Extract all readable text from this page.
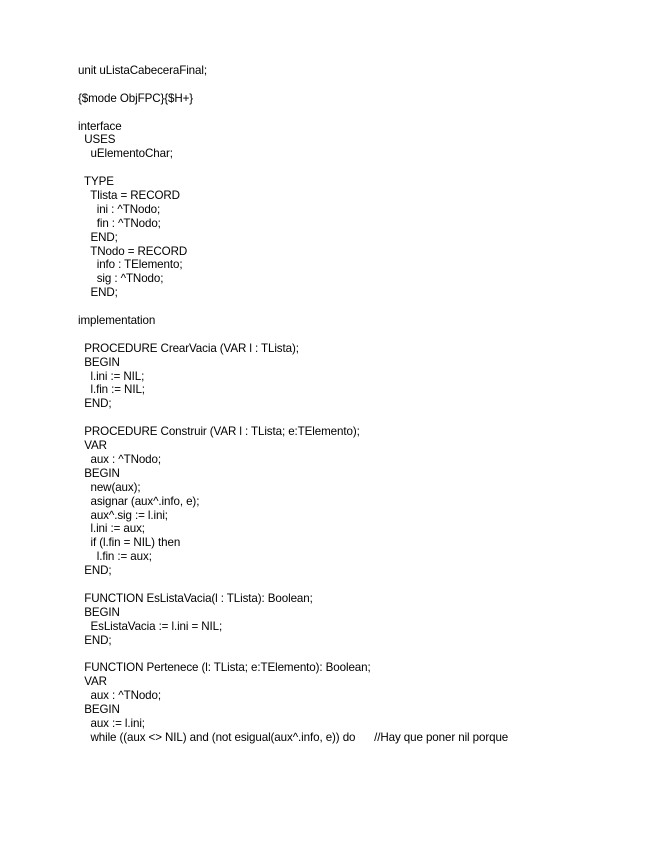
unit uListaCabeceraFinal;

{$mode ObjFPC}{$H+}

interface
USES
uElementoChar;

TYPE
Tlista = RECORD
ini : ^TNodo;
fin : ^TNodo;
END;
TNodo = RECORD
info : TElemento;
sig : ^TNodo;
END;

implementation

PROCEDURE CrearVacia (VAR l : TLista);
BEGIN
l.ini := NIL;
l.fin := NIL;
END;

PROCEDURE Construir (VAR l : TLista; e:TElemento);
VAR
aux : ^TNodo;
BEGIN
new(aux);
asignar (aux^.info, e);
aux^.sig := l.ini;
l.ini := aux;
if (l.fin = NIL) then
l.fin := aux;
END;

FUNCTION EsListaVacia(l : TLista): Boolean;
BEGIN
EsListaVacia := l.ini = NIL;
END;

FUNCTION Pertenece (l: TLista; e:TElemento): Boolean;
VAR
aux : ^TNodo;
BEGIN
aux := l.ini;
while ((aux <> NIL) and (not esigual(aux^.info, e)) do      //Hay que poner nil porque
